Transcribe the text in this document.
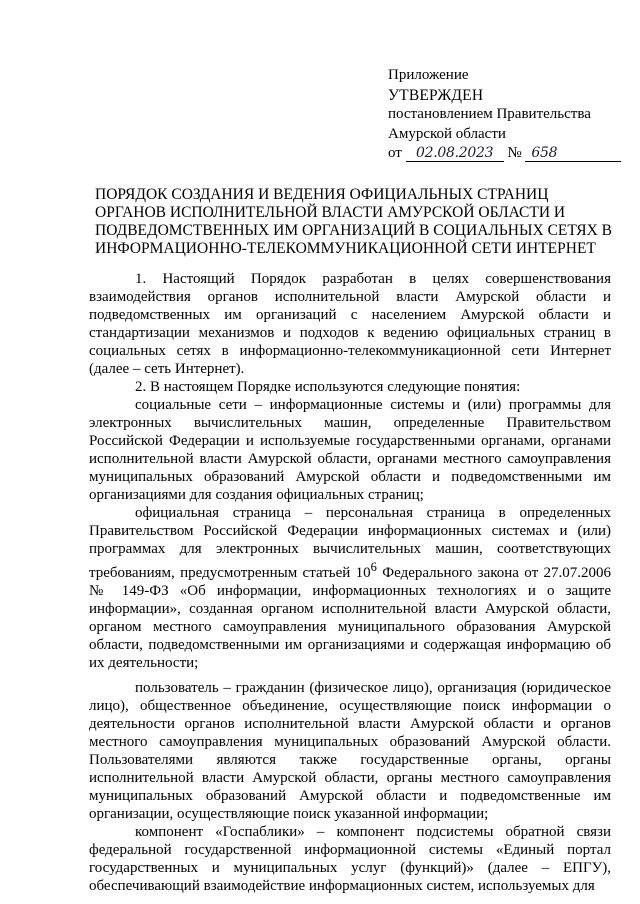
Приложение
УТВЕРЖДЕН
постановлением Правительства
Амурской области
от 02.08.2023 № 658
ПОРЯДОК СОЗДАНИЯ И ВЕДЕНИЯ ОФИЦИАЛЬНЫХ СТРАНИЦ
ОРГАНОВ ИСПОЛНИТЕЛЬНОЙ ВЛАСТИ АМУРСКОЙ ОБЛАСТИ И
ПОДВЕДОМСТВЕННЫХ ИМ ОРГАНИЗАЦИЙ В СОЦИАЛЬНЫХ СЕТЯХ В
ИНФОРМАЦИОННО-ТЕЛЕКОММУНИКАЦИОННОЙ СЕТИ ИНТЕРНЕТ

1. Настоящий Порядок разработан в целях совершенствования взаимодействия органов исполнительной власти Амурской области и подведомственных им организаций с населением Амурской области и стандартизации механизмов и подходов к ведению официальных страниц в социальных сетях в информационно-телекоммуникационной сети Интернет (далее – сеть Интернет).

2. В настоящем Порядке используются следующие понятия:

социальные сети – информационные системы и (или) программы для электронных вычислительных машин, определенные Правительством Российской Федерации и используемые государственными органами, органами исполнительной власти Амурской области, органами местного самоуправления муниципальных образований Амурской области и подведомственными им организациями для создания официальных страниц;

официальная страница – персональная страница в определенных Правительством Российской Федерации информационных системах и (или) программах для электронных вычислительных машин, соответствующих требованиям, предусмотренным статьей $10^6$ Федерального закона от 27.07.2006 № 149-ФЗ «Об информации, информационных технологиях и о защите информации», созданная органом исполнительной власти Амурской области, органом местного самоуправления муниципального образования Амурской области, подведомственными им организациями и содержащая информацию об их деятельности;

пользователь – гражданин (физическое лицо), организация (юридическое лицо), общественное объединение, осуществляющие поиск информации о деятельности органов исполнительной власти Амурской области и органов местного самоуправления муниципальных образований Амурской области. Пользователями являются также государственные органы, органы исполнительной власти Амурской области, органы местного самоуправления муниципальных образований Амурской области и подведомственные им организации, осуществляющие поиск указанной информации;

компонент «Госпаблики» – компонент подсистемы обратной связи федеральной государственной информационной системы «Единый портал государственных и муниципальных услуг (функций)» (далее – ЕПГУ), обеспечивающий взаимодействие информационных систем, используемых для
